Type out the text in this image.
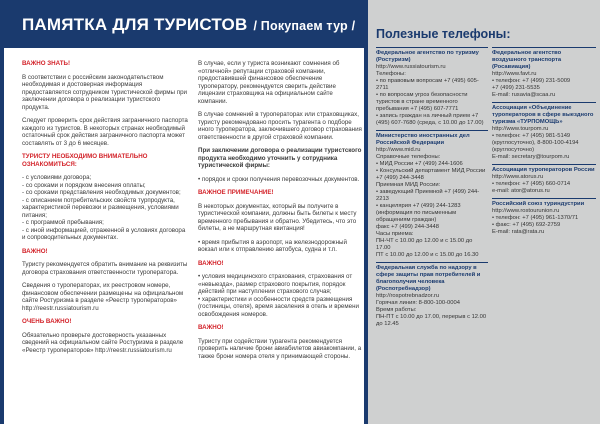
ПАМЯТКА ДЛЯ ТУРИСТОВ / Покупаем тур /

ВАЖНО ЗНАТЬ!

В соответствии с российским законодательством необходимая и достоверная информация предоставляется сотрудником туристической фирмы при заключении договора о реализации туристского продукта.

Следует проверить срок действия заграничного паспорта каждого из туристов. В некоторых странах необходимый остаточный срок действия заграничного паспорта может составлять от 3 до 6 месяцев.

ТУРИСТУ НЕОБХОДИМО ВНИМАТЕЛЬНО ОЗНАКОМИТЬСЯ:

- с условиями договора;
- со сроками и порядком внесения оплаты;
- со сроками представления необходимых документов;
- с описанием потребительских свойств турпродукта, характеристикой перевозки и размещения, условиями питания;
- с программой пребывания;
- с иной информацией, отраженной в условиях договора и сопроводительных документах.

ВАЖНО!

Туристу рекомендуется обратить внимание на реквизиты договора страхования ответственности туроператора.

Сведения о туроператорах, их реестровом номере, финансовом обеспечении размещены на официальном сайте Ростуризма в разделе «Реестр туроператоров» http://reestr.russiatourism.ru

ОЧЕНЬ ВАЖНО!

Обязательно проверьте достоверность указанных сведений на официальном сайте Ростуризма в разделе «Реестр туроператоров» http://reestr.russiatourism.ru

В случае, если у туриста возникают сомнения об «отличной» репутации страховой компании, предоставившей финансовое обеспечение туроператору, рекомендуется сверить действие лицензии страховщика на официальном сайте компании.

В случае сомнений в туроператорах или страховщиках, туристу рекомендовано просить турагента о подборе иного туроператора, заключившего договор страхования ответственности в другой страховой компании.

При заключении договора о реализации туристского продукта необходимо уточнить у сотрудника туристической фирмы:

• порядок и сроки получения перевозочных документов.

ВАЖНОЕ ПРИМЕЧАНИЕ!

В некоторых документах, который вы получите в туристической компании, должны быть билеты к месту временного пребывания и обратно. Убедитесь, что это билеты, а не маршрутная квитанция!

• время прибытия в аэропорт, на железнодорожный вокзал или к отправлению автобуса, судна и т.п.

ВАЖНО!

• условия медицинского страхования, страхования от «невыезда», размер страхового покрытия, порядок действий при наступлении страхового случая;
• характеристики и особенности средств размещения (гостиницы, отеля), время заселения в отель и времени освобождения номеров.

ВАЖНО!

Туристу при содействии турагента рекомендуется проверить наличие брони авиабилетов авиакомпании, а также брони номера отеля у принимающей стороны.

Полезные телефоны:
Федеральное агентство по туризму (Ростуризм)
http://www.russiatourism.ru
Телефоны:
• по правовым вопросам +7 (495) 605-2711
• по вопросам угроз безопасности туристов в стране временного пребывания +7 (495) 607-7771
• запись граждан на личный прием +7 (495) 607-7680 (среда, с 10.00 до 17.00)
Министерство иностранных дел Российской Федерации
http://www.mid.ru
Справочные телефоны:
• МИД России +7 (499) 244-1606
• Консульский департамент МИД России +7 (499) 244-3448
Приемная МИД России:
• заведующий Приемной +7 (499) 244-2213
• канцелярия +7 (499) 244-1283 (информация по письменным обращениям граждан)
факс +7 (499) 244-3448
Часы приема:
ПН-ЧТ с 10.00 до 12.00 и с 15.00 до 17.00
ПТ с 10.00 до 12.00 и с 15.00 до 16.30
Федеральная служба по надзору в сфере защиты прав потребителей и благополучия человека (Роспотребнадзор)
http://rospotrebnadzor.ru
Горячая линия: 8-800-100-0004
Время работы:
ПН-ПТ с 10.00 до 17.00, перерыв с 12.00 до 12.45
Федеральное агентство воздушного транспорта (Росавиация)
http://www.favt.ru
• телефон: +7 (499) 231-5009
+7 (499) 231-5535
E-mail: rusavia@scaa.ru
Ассоциация «Объединение туроператоров в сфере выездного туризма «ТУРПОМОЩЬ»
http://www.tourpom.ru
• телефон: +7 (495) 981-5149
(круглосуточно), 8-800-100-4194 (круглосуточно)
E-mail: secretary@tourpom.ru
Ассоциация туроператоров России
http://www.atorus.ru
• телефон: +7 (495) 660-0714
e-mail: ator@atorus.ru
Российский союз туриндустрии
http://www.rostourunion.ru
• телефон: +7 (495) 961-1370/71
• факс: +7 (495) 692-2759
E-mail: rata@rata.ru
